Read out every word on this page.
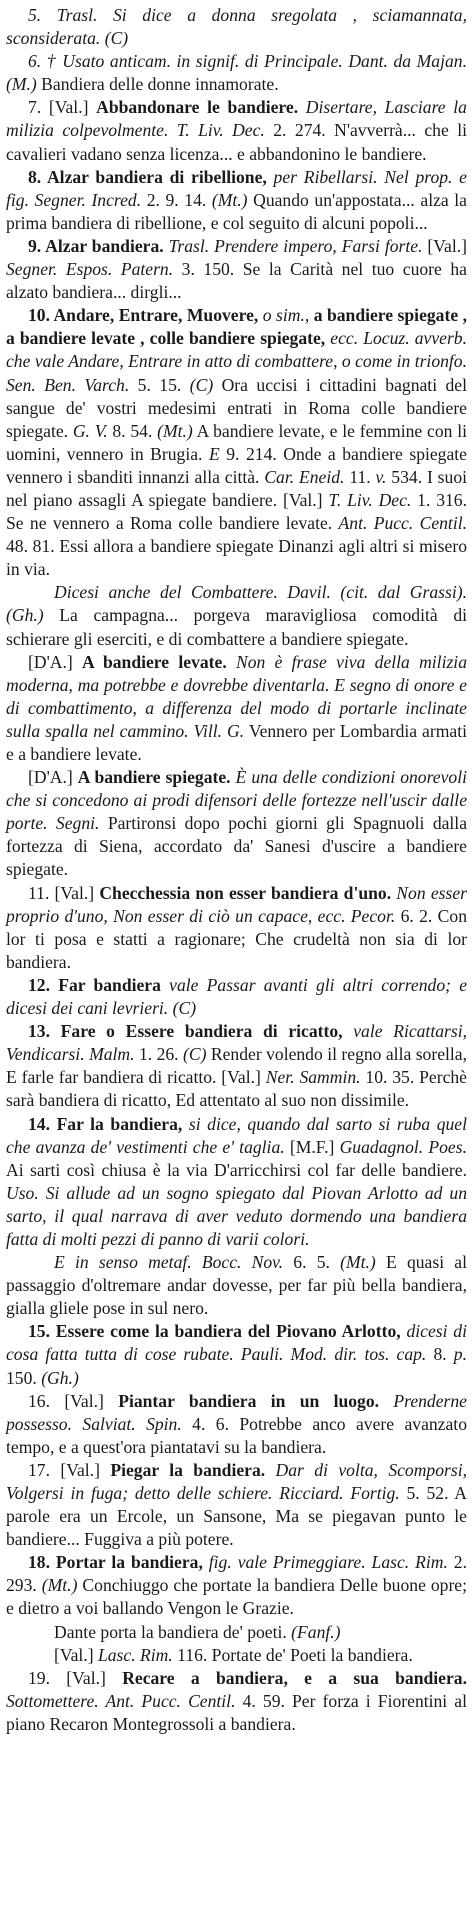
5. Trasl. Si dice a donna sregolata , sciamannata, sconsiderata. (C)

6. † Usato anticam. in signif. di Principale. Dant. da Majan. (M.) Bandiera delle donne innamorate.

7. [Val.] Abbandonare le bandiere. Disertare, Lasciare la milizia colpevolmente. T. Liv. Dec. 2. 274. N'avverrà... che li cavalieri vadano senza licenza... e abbandonino le bandiere.

8. Alzar bandiera di ribellione, per Ribellarsi. Nel prop. e fig. Segner. Incred. 2. 9. 14. (Mt.) Quando un'appostata... alza la prima bandiera di ribellione, e col seguito di alcuni popoli...

9. Alzar bandiera. Trasl. Prendere impero, Farsi forte. [Val.] Segner. Espos. Patern. 3. 150. Se la Carità nel tuo cuore ha alzato bandiera... dirgli...

10. Andare, Entrare, Muovere, o sim., a bandiere spiegate , a bandiere levate , colle bandiere spiegate, ecc. Locuz. avverb. che vale Andare, Entrare in atto di combattere, o come in trionfo. Sen. Ben. Varch. 5. 15. (C) Ora uccisi i cittadini bagnati del sangue de' vostri medesimi entrati in Roma colle bandiere spiegate. G. V. 8. 54. (Mt.) A bandiere levate, e le femmine con li uomini, vennero in Brugia. E 9. 214. Onde a bandiere spiegate vennero i sbanditi innanzi alla città. Car. Eneid. 11. v. 534. I suoi nel piano assagli A spiegate bandiere. [Val.] T. Liv. Dec. 1. 316. Se ne vennero a Roma colle bandiere levate. Ant. Pucc. Centil. 48. 81. Essi allora a bandiere spiegate Dinanzi agli altri si misero in via.

Dicesi anche del Combattere. Davil. (cit. dal Grassi). (Gh.) La campagna... porgeva maravigliosa comodità di schierare gli eserciti, e di combattere a bandiere spiegate.

[D'A.] A bandiere levate. Non è frase viva della milizia moderna, ma potrebbe e dovrebbe diventarla. E segno di onore e di combattimento, a differenza del modo di portarle inclinate sulla spalla nel cammino. Vill. G. Vennero per Lombardia armati e a bandiere levate.

[D'A.] A bandiere spiegate. È una delle condizioni onorevoli che si concedono ai prodi difensori delle fortezze nell'uscir dalle porte. Segni. Partironsi dopo pochi giorni gli Spagnuoli dalla fortezza di Siena, accordato da' Sanesi d'uscire a bandiere spiegate.

11. [Val.] Checchessia non esser bandiera d'uno. Non esser proprio d'uno, Non esser di ciò un capace, ecc. Pecor. 6. 2. Con lor ti posa e statti a ragionare; Che crudeltà non sia di lor bandiera.

12. Far bandiera vale Passar avanti gli altri correndo; e dicesi dei cani levrieri. (C)

13. Fare o Essere bandiera di ricatto, vale Ricattarsi, Vendicarsi. Malm. 1. 26. (C) Render volendo il regno alla sorella, E farle far bandiera di ricatto. [Val.] Ner. Sammin. 10. 35. Perchè sarà bandiera di ricatto, Ed attentato al suo non dissimile.

14. Far la bandiera, si dice, quando dal sarto si ruba quel che avanza de' vestimenti che e' taglia. [M.F.] Guadagnol. Poes. Ai sarti così chiusa è la via D'arricchirsi col far delle bandiere. Uso. Si allude ad un sogno spiegato dal Piovan Arlotto ad un sarto, il qual narrava di aver veduto dormendo una bandiera fatta di molti pezzi di panno di varii colori.

E in senso metaf. Bocc. Nov. 6. 5. (Mt.) E quasi al passaggio d'oltremare andar dovesse, per far più bella bandiera, gialla gliele pose in sul nero.

15. Essere come la bandiera del Piovano Arlotto, dicesi di cosa fatta tutta di cose rubate. Pauli. Mod. dir. tos. cap. 8. p. 150. (Gh.)

16. [Val.] Piantar bandiera in un luogo. Prenderne possesso. Salviat. Spin. 4. 6. Potrebbe anco avere avanzato tempo, e a quest'ora piantatavi su la bandiera.

17. [Val.] Piegar la bandiera. Dar di volta, Scomporsi, Volgersi in fuga; detto delle schiere. Ricciard. Fortig. 5. 52. A parole era un Ercole, un Sansone, Ma se piegavan punto le bandiere... Fuggiva a più potere.

18. Portar la bandiera, fig. vale Primeggiare. Lasc. Rim. 2. 293. (Mt.) Conchiuggo che portate la bandiera Delle buone opre; e dietro a voi ballando Vengon le Grazie.

Dante porta la bandiera de' poeti. (Fanf.)

[Val.] Lasc. Rim. 116. Portate de' Poeti la bandiera.

19. [Val.] Recare a bandiera, e a sua bandiera. Sottomettere. Ant. Pucc. Centil. 4. 59. Per forza i Fiorentini al piano Recaron Montegrossoli a bandiera.
